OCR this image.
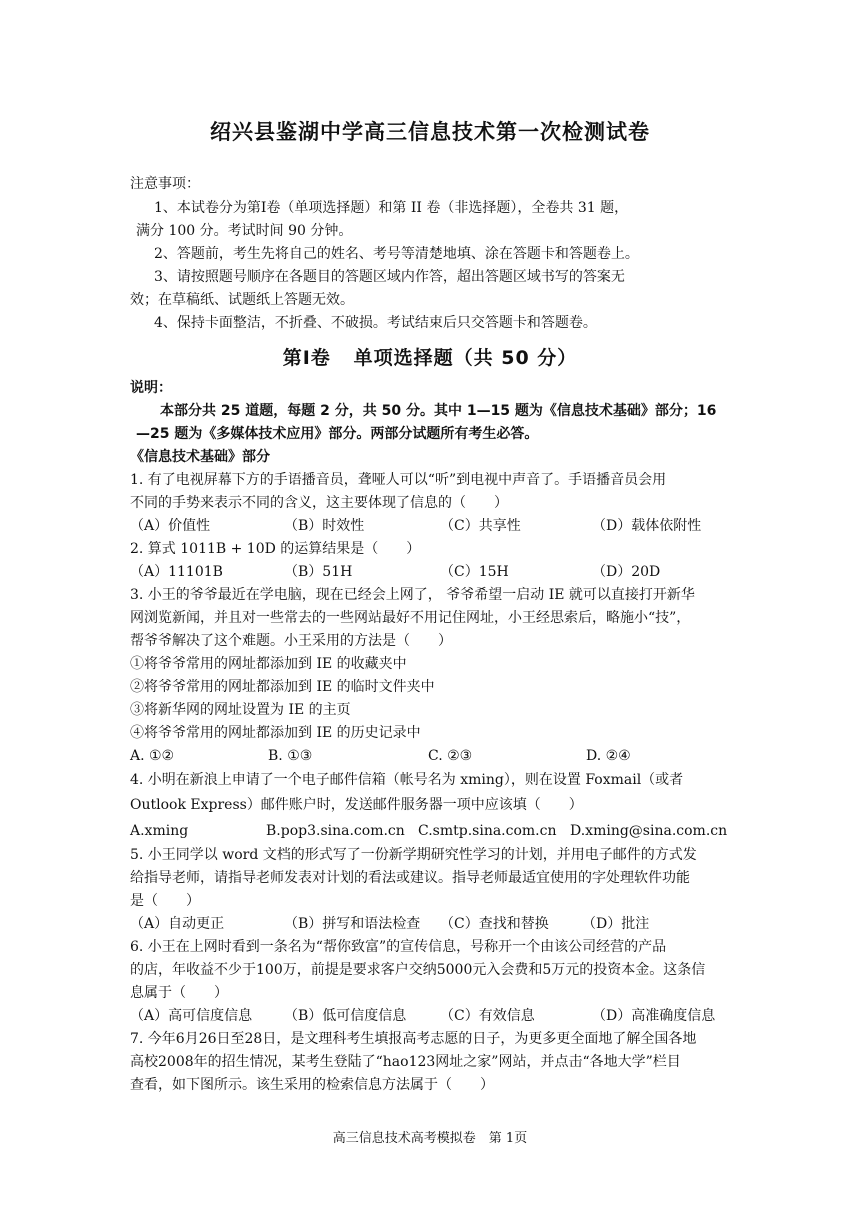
绍兴县鉴湖中学高三信息技术第一次检测试卷
注意事项：
1、本试卷分为第Ⅰ卷（单项选择题）和第 II 卷（非选择题），全卷共 31 题，
满分 100 分。考试时间 90 分钟。
2、答题前，考生先将自己的姓名、考号等清楚地填、涂在答题卡和答题卷上。
3、请按照题号顺序在各题目的答题区域内作答，超出答题区域书写的答案无
效；在草稿纸、试题纸上答题无效。
4、保持卡面整洁，不折叠、不破损。考试结束后只交答题卡和答题卷。
第Ⅰ卷   单项选择题（共 50 分）
说明：
本部分共 25 道题，每题 2 分，共 50 分。其中 1—15 题为《信息技术基础》部分；16
—25 题为《多媒体技术应用》部分。两部分试题所有考生必答。
《信息技术基础》部分
1. 有了电视屏幕下方的手语播音员，聋哑人可以“听”到电视中声音了。手语播音员会用
不同的手势来表示不同的含义，这主要体现了信息的（　　）
（A）价值性	（B）时效性	（C）共享性	（D）载体依附性
2. 算式 1011B + 10D 的运算结果是（　　）
（A）11101B	（B）51H	（C）15H	（D）20D
3. 小王的爷爷最近在学电脑，现在已经会上网了， 爷爷希望一启动 IE 就可以直接打开新华
网浏览新闻，并且对一些常去的一些网站最好不用记住网址，小王经思索后，略施小“技”，
帮爷爷解决了这个难题。小王采用的方法是（　　）
①将爷爷常用的网址都添加到 IE 的收藏夹中
②将爷爷常用的网址都添加到 IE 的临时文件夹中
③将新华网的网址设置为 IE 的主页
④将爷爷常用的网址都添加到 IE 的历史记录中
A. ①②	B. ①③	C. ②③	D. ②④
4. 小明在新浪上申请了一个电子邮件信箱（帐号名为 xming），则在设置 Foxmail（或者
Outlook Express）邮件账户时，发送邮件服务器一项中应该填（　　）
A.xming	B.pop3.sina.com.cn C.smtp.sina.com.cn D.xming@sina.com.cn
5. 小王同学以 word 文档的形式写了一份新学期研究性学习的计划，并用电子邮件的方式发
给指导老师，请指导老师发表对计划的看法或建议。指导老师最适宜使用的字处理软件功能
是（　　）
（A）自动更正	（B）拼写和语法检查 （C）查找和替换 （D）批注
6. 小王在上网时看到一条名为“帮你致富”的宣传信息，号称开一个由该公司经营的产品
的店，年收益不少于100万，前提是要求客户交纳5000元入会费和5万元的投资本金。这条信
息属于（　　）
（A）高可信度信息 （B）低可信度信息 （C）有效信息	（D）高准确度信息
7. 今年6月26日至28日，是文理科考生填报高考志愿的日子，为更多更全面地了解全国各地
高校2008年的招生情况，某考生登陆了“hao123网址之家”网站，并点击“各地大学”栏目
查看，如下图所示。该生采用的检索信息方法属于（　　）
高三信息技术高考模拟卷　第 1页
